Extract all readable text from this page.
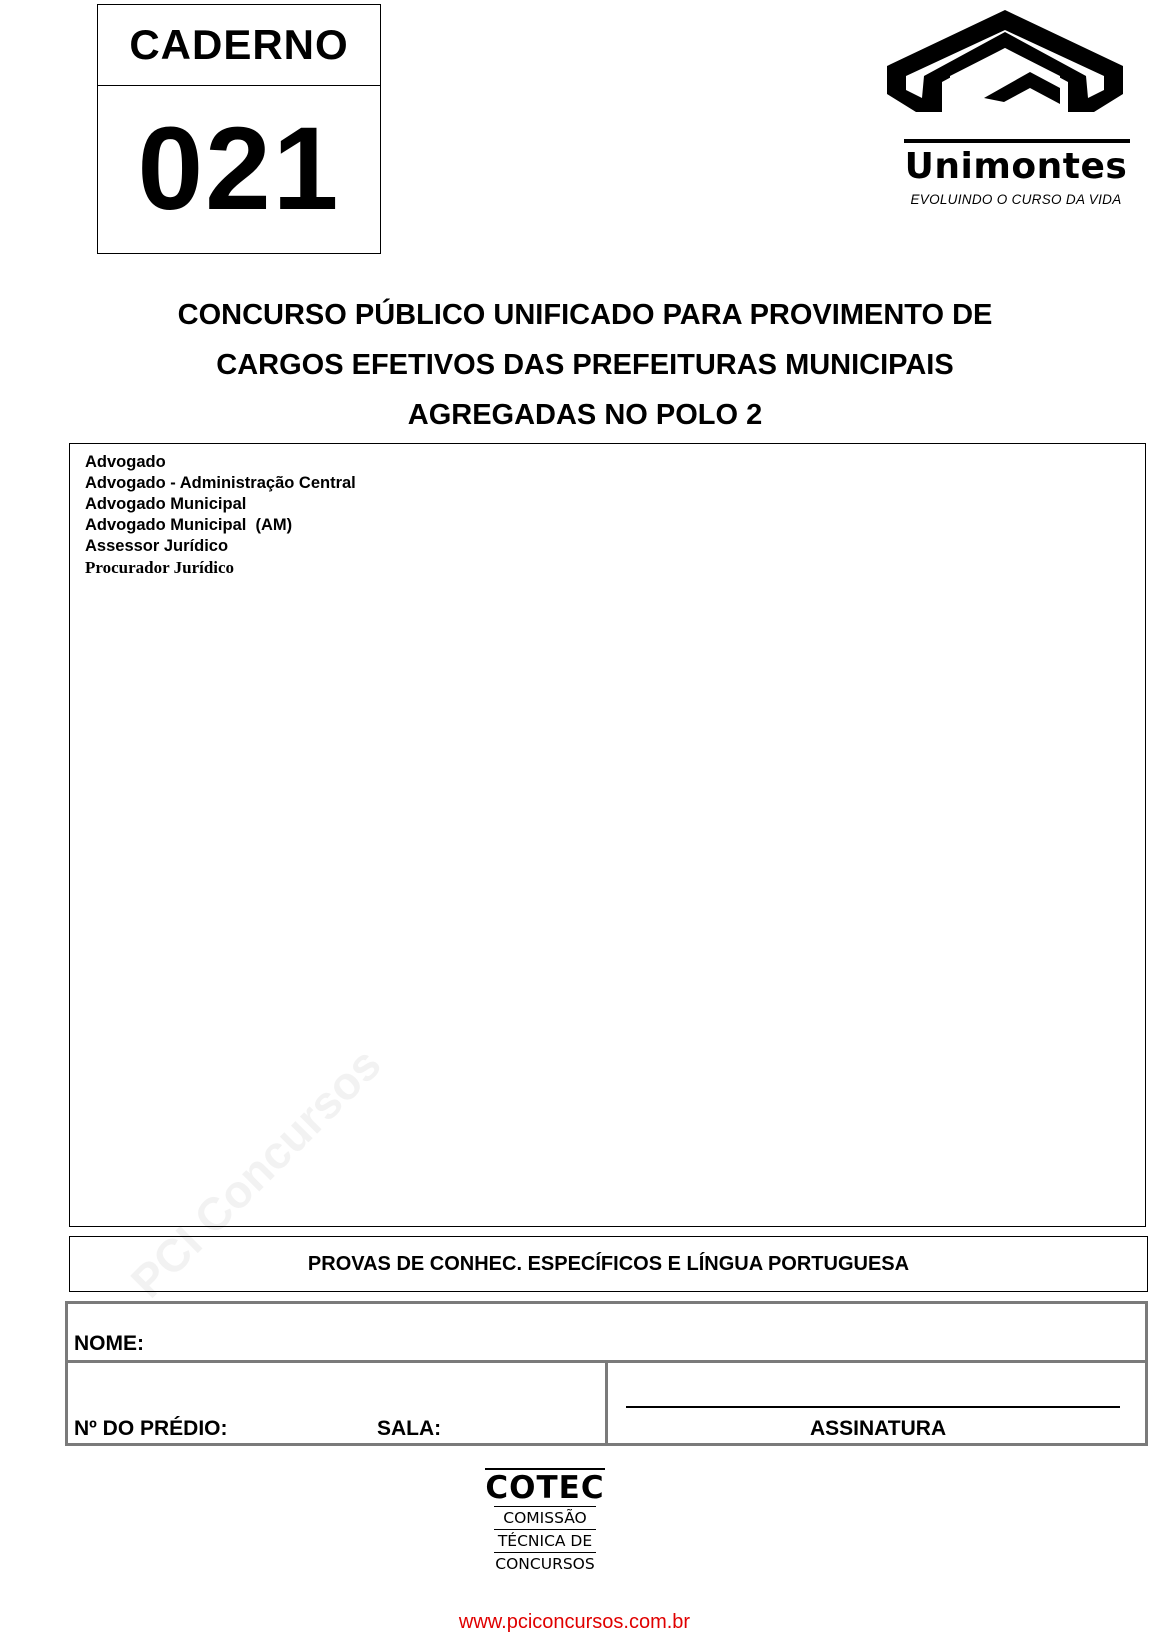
PCI Concursos
CADERNO
021	Unimontes
EVOLUINDO O CURSO DA VIDA
CONCURSO PÚBLICO UNIFICADO PARA PROVIMENTO DE
CARGOS EFETIVOS DAS PREFEITURAS MUNICIPAIS
AGREGADAS NO POLO 2
Advogado
Advogado - Administração Central
Advogado Municipal
Advogado Municipal  (AM)
Assessor Jurídico
Procurador Jurídico
PROVAS DE CONHEC. ESPECÍFICOS E LÍNGUA PORTUGUESA
NOME:
Nº DO PRÉDIO:	SALA:	ASSINATURA
COTEC
COMISSÃO
TÉCNICA DE
CONCURSOS
www.pciconcursos.com.br
